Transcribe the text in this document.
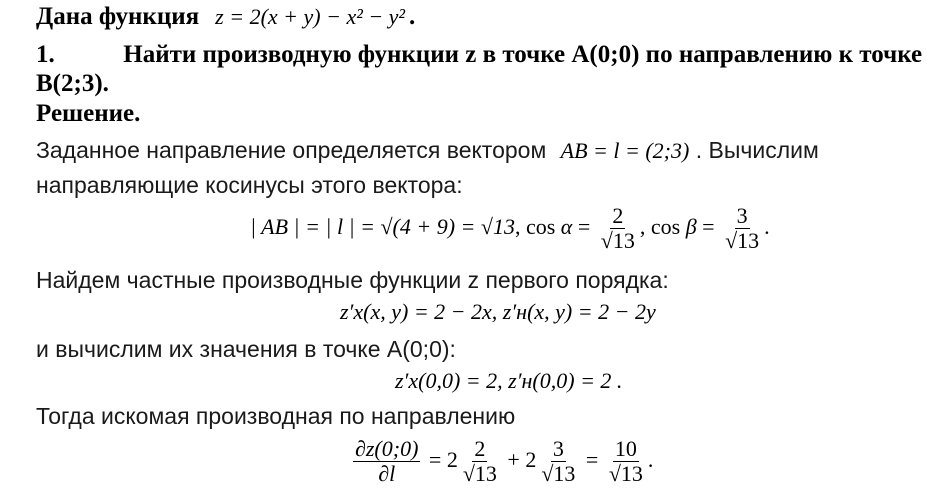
Дана функция z = 2(x + y) − x² − y² .
1.	Найти производную функции z в точке A(0;0) по направлению к точке
B(2;3).
Решение.
Заданное направление определяется вектором AB = l = (2;3) . Вычислим
направляющие косинусы этого вектора:
| AB | = | l | = √(4 + 9) = √13, $\cos \alpha = \frac{2}{√13}$ , $\cos \beta = \frac{3}{√13}$ .
Найдем частные производные функции z первого порядка:
z′x(x, y) = 2 − 2x, z′н(x, y) = 2 − 2y
и вычислим их значения в точке A(0;0):
z′x(0,0) = 2, z′н(0,0) = 2 .
Тогда искомая производная по направлению
$\frac{\partial z(0;0)}{\partial l} = 2 \frac{2}{√13} + 2 \frac{3}{√13} = \frac{10}{√13}$ .
